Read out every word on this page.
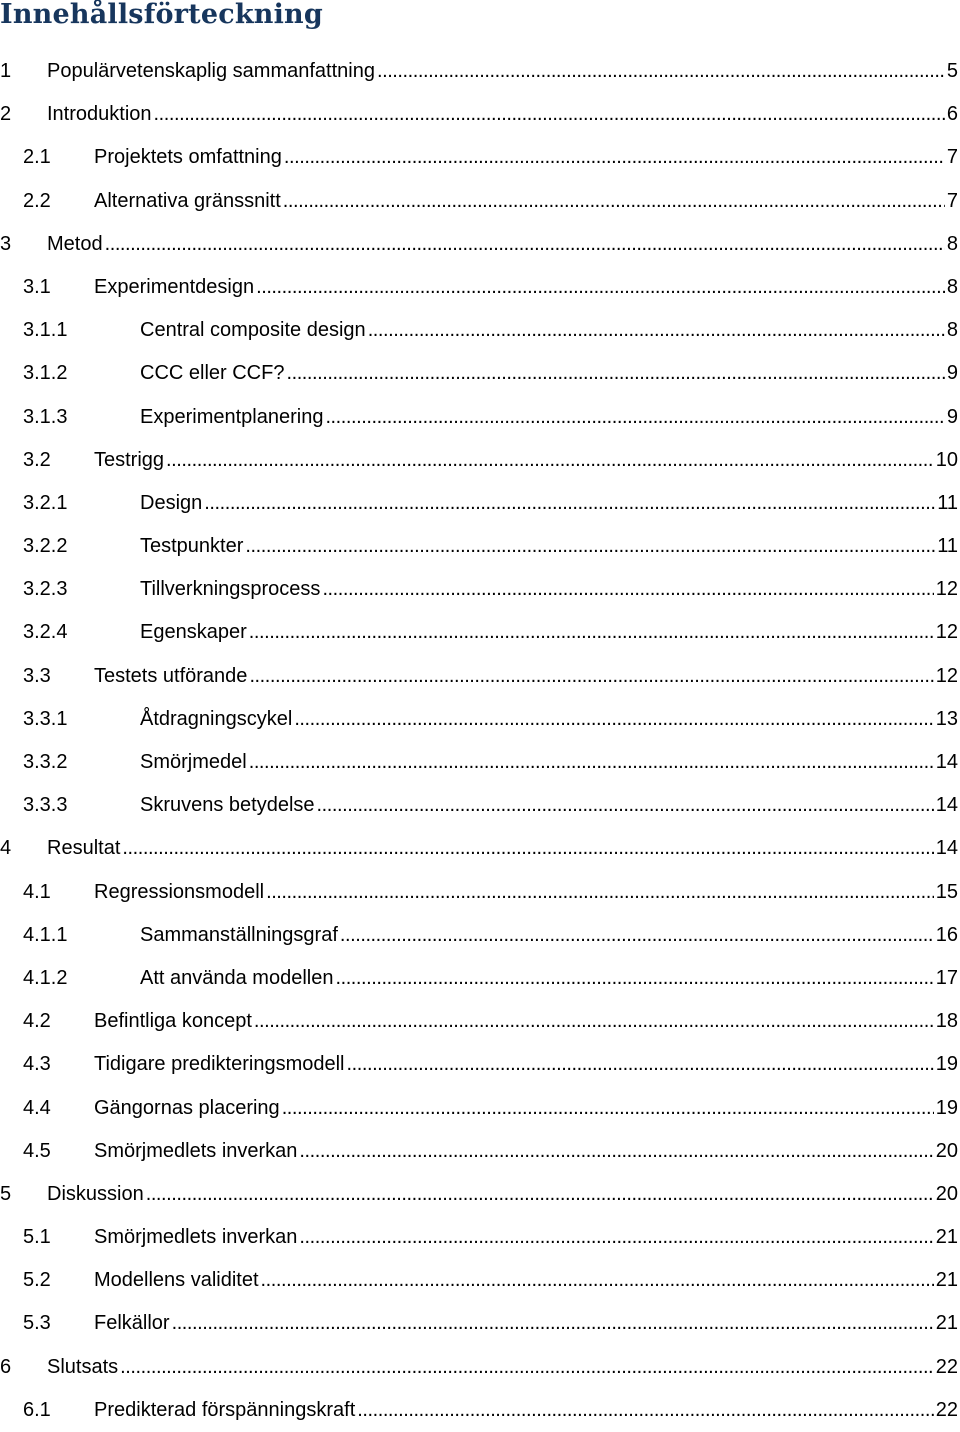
Innehållsförteckning
1 Populärvetenskaplig sammanfattning . . .	5
2 Introduktion . . .	6
2.1 Projektets omfattning . . .	7
2.2 Alternativa gränssnitt . . .	7
3 Metod . . .	8
3.1 Experimentdesign . . .	8
3.1.1	Central composite design . . .	8
3.1.2	CCC eller CCF? . . .	9
3.1.3	Experimentplanering . . .	9
3.2 Testrigg . . .	10
3.2.1	Design . . .	11
3.2.2	Testpunkter . . .	11
3.2.3	Tillverkningsprocess . . .	12
3.2.4	Egenskaper . . .	12
3.3 Testets utförande . . .	12
3.3.1	Åtdragningscykel . . .	13
3.3.2	Smörjmedel . . .	14
3.3.3	Skruvens betydelse . . .	14
4 Resultat . . .	14
4.1 Regressionsmodell . . .	15
4.1.1	Sammanställningsgraf . . .	16
4.1.2	Att använda modellen . . .	17
4.2 Befintliga koncept . . .	18
4.3 Tidigare predikteringsmodell . . .	19
4.4 Gängornas placering . . .	19
4.5 Smörjmedlets inverkan . . .	20
5 Diskussion . . .	20
5.1 Smörjmedlets inverkan . . .	21
5.2 Modellens validitet . . .	21
5.3 Felkällor . . .	21
6 Slutsats . . .	22
6.1 Predikterad förspänningskraft . . .	22
